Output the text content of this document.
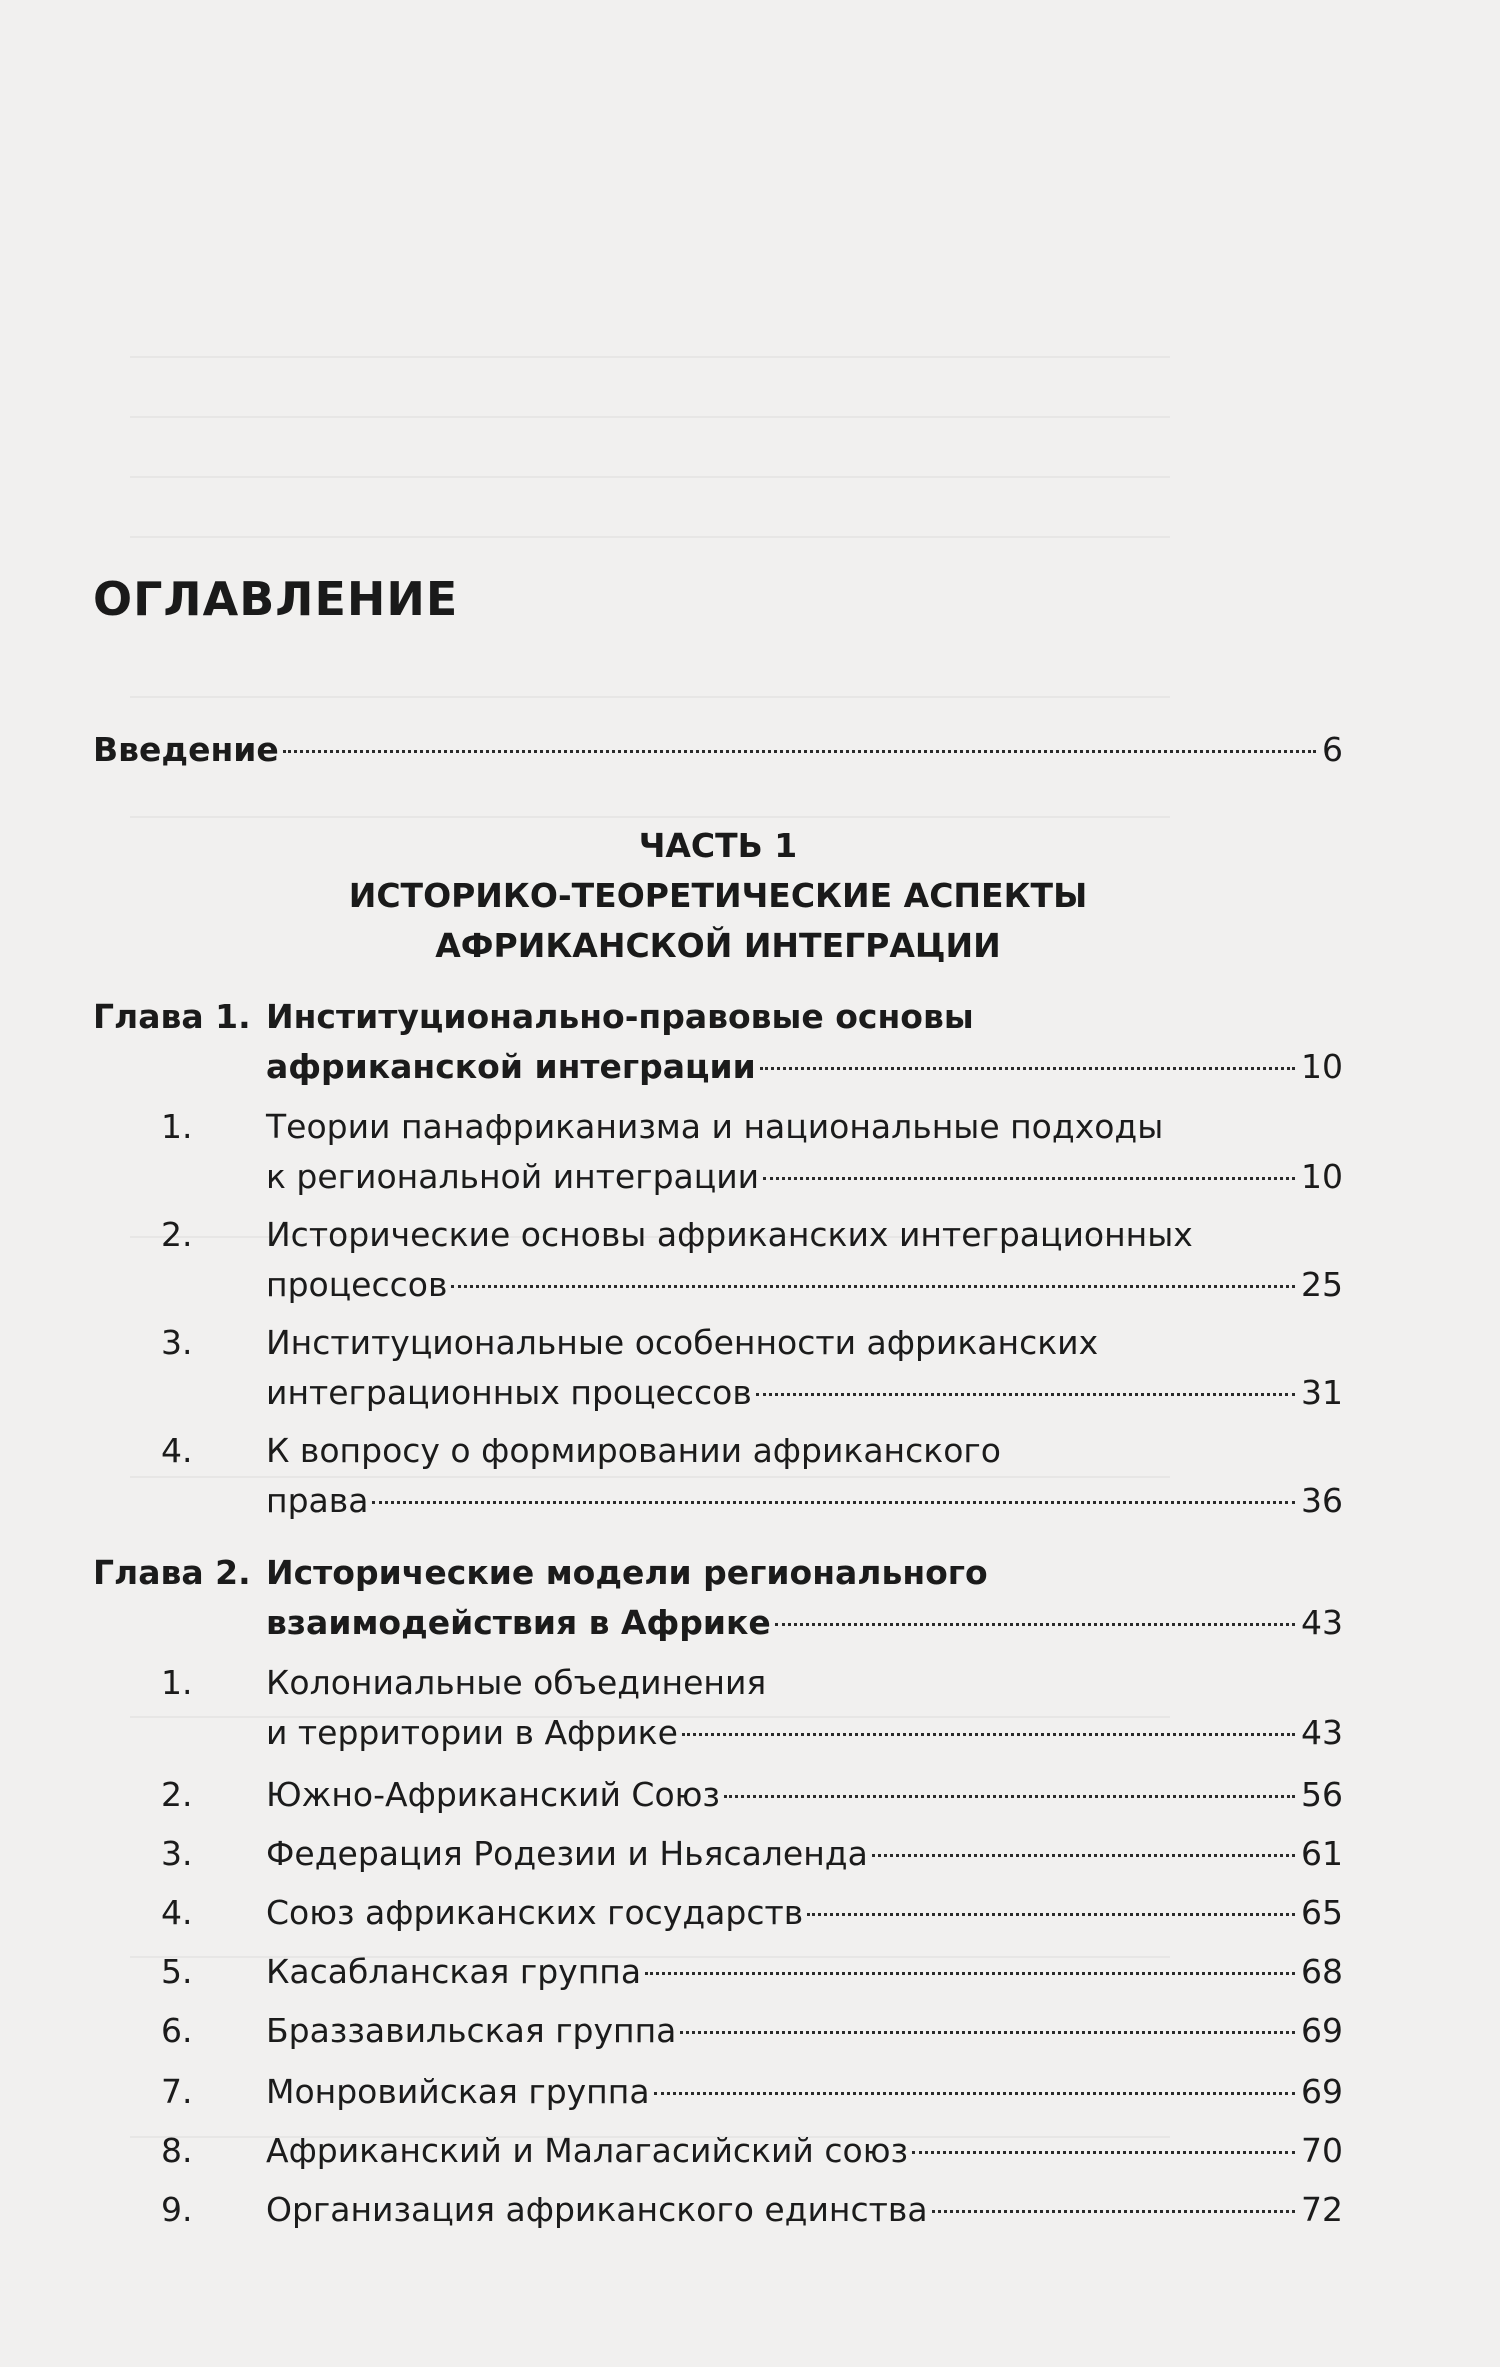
ОГЛАВЛЕНИЕ
Введение	6
ЧАСТЬ 1
ИСТОРИКО-ТЕОРЕТИЧЕСКИЕ АСПЕКТЫ
АФРИКАНСКОЙ ИНТЕГРАЦИИ
Глава 1. Институционально-правовые основы
африканской интеграции	10
1. Теории панафриканизма и национальные подходы
к региональной интеграции	10
2. Исторические основы африканских интеграционных
процессов	25
3. Институциональные особенности африканских
интеграционных процессов	31
4. К вопросу о формировании африканского
права	36
Глава 2. Исторические модели регионального
взаимодействия в Африке	43
1. Колониальные объединения
и территории в Африке	43
2. Южно-Африканский Союз	56
3. Федерация Родезии и Ньясаленда	61
4. Союз африканских государств	65
5. Касабланская группа	68
6. Браззавильская группа	69
7. Монровийская группа	69
8. Африканский и Малагасийский союз	70
9. Организация африканского единства	72
